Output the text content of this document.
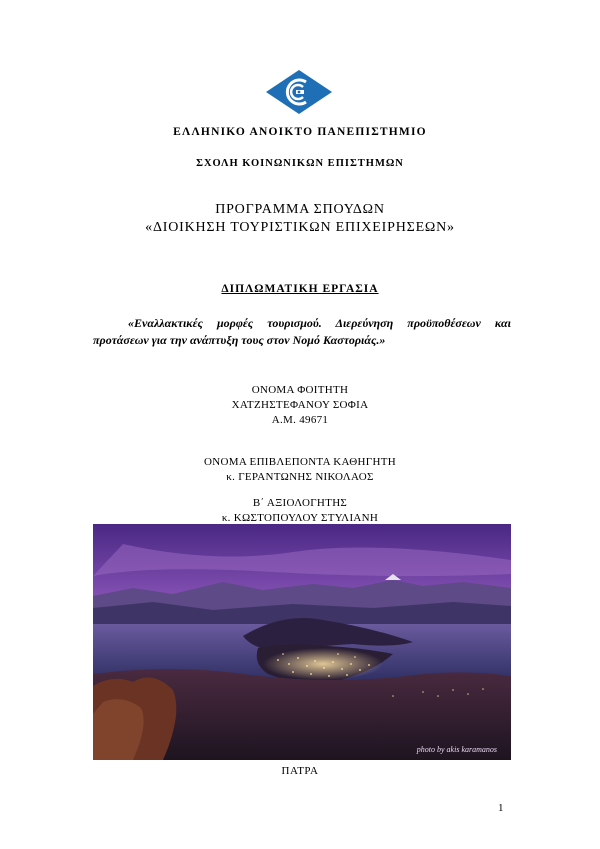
ΕΛΛΗΝΙΚΟ ΑΝΟΙΚΤΟ ΠΑΝΕΠΙΣΤΗΜΙΟ
ΣΧΟΛΗ ΚΟΙΝΩΝΙΚΩΝ ΕΠΙΣΤΗΜΩΝ
ΠΡΟΓΡΑΜΜΑ ΣΠΟΥΔΩΝ
«ΔΙΟΙΚΗΣΗ ΤΟΥΡΙΣΤΙΚΩΝ ΕΠΙΧΕΙΡΗΣΕΩΝ»
ΔΙΠΛΩΜΑΤΙΚΗ ΕΡΓΑΣΙΑ
«Εναλλακτικές μορφές τουρισμού. Διερεύνηση προϋποθέσεων και
προτάσεων για την ανάπτυξη τους στον Νομό Καστοριάς.»
ΟΝΟΜΑ ΦΟΙΤΗΤΗ
ΧΑΤΖΗΣΤΕΦΑΝΟΥ ΣΟΦΙΑ
Α.Μ. 49671
ΟΝΟΜΑ ΕΠΙΒΛΕΠΟΝΤΑ ΚΑΘΗΓΗΤΗ
κ. ΓΕΡΑΝΤΩΝΗΣ ΝΙΚΟΛΑΟΣ
Β΄ ΑΞΙΟΛΟΓΗΤΗΣ
κ. ΚΩΣΤΟΠΟΥΛΟΥ ΣΤΥΛΙΑΝΗ
photo by akis karamanos
ΠΑΤΡΑ
1
